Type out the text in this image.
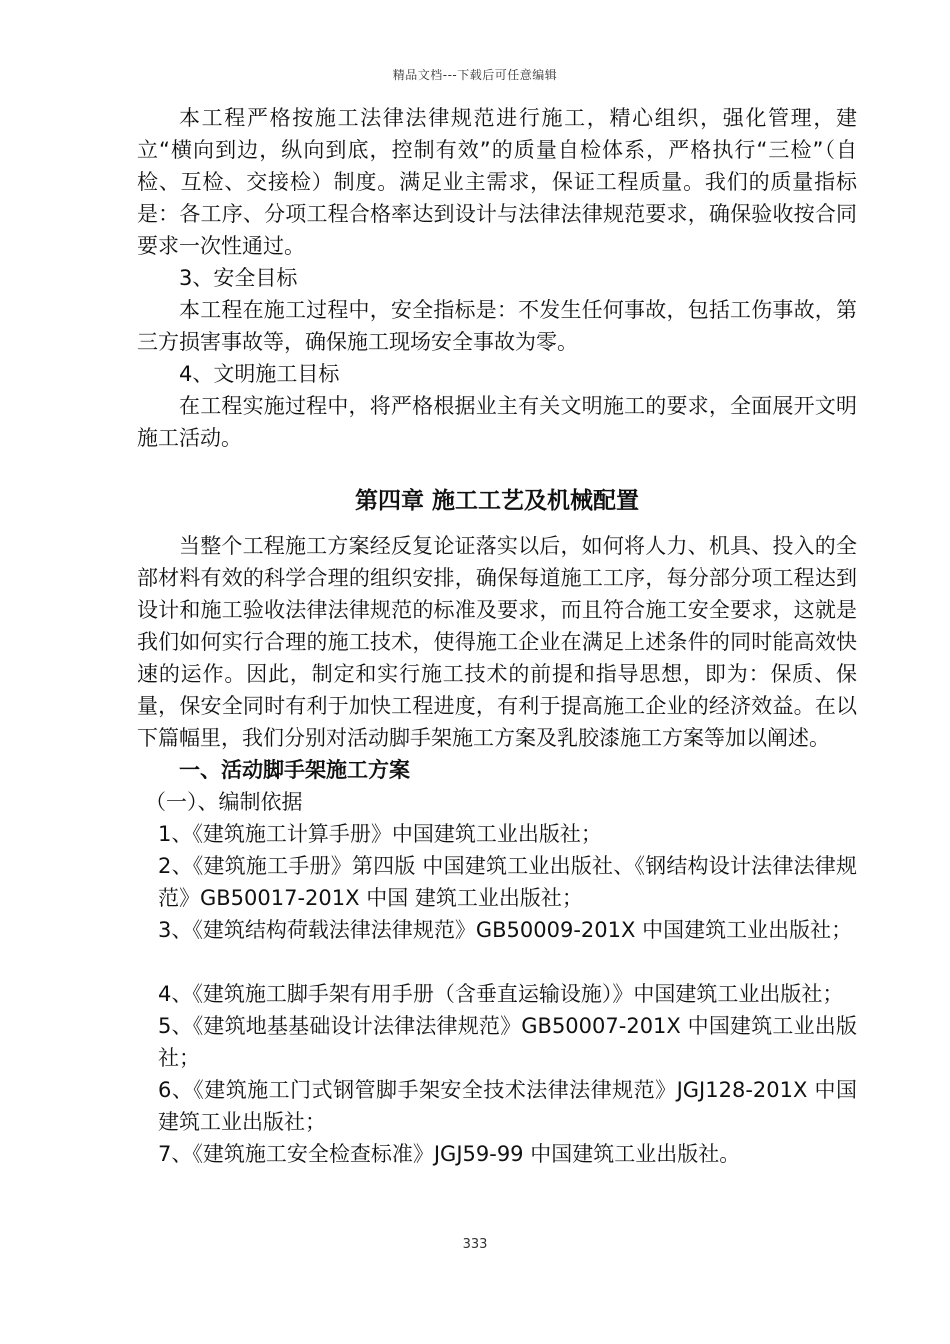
精品文档---下载后可任意编辑

本工程严格按施工法律法律规范进行施工，精心组织，强化管理，建立“横向到边，纵向到底，控制有效”的质量自检体系，严格执行“三检”（自检、互检、交接检）制度。满足业主需求，保证工程质量。我们的质量指标是：各工序、分项工程合格率达到设计与法律法律规范要求，确保验收按合同要求一次性通过。

3、安全目标

本工程在施工过程中，安全指标是：不发生任何事故，包括工伤事故，第三方损害事故等，确保施工现场安全事故为零。

4、文明施工目标

在工程实施过程中，将严格根据业主有关文明施工的要求，全面展开文明施工活动。

第四章 施工工艺及机械配置

当整个工程施工方案经反复论证落实以后，如何将人力、机具、投入的全部材料有效的科学合理的组织安排，确保每道施工工序，每分部分项工程达到设计和施工验收法律法律规范的标准及要求，而且符合施工安全要求，这就是我们如何实行合理的施工技术，使得施工企业在满足上述条件的同时能高效快速的运作。因此，制定和实行施工技术的前提和指导思想，即为：保质、保量，保安全同时有利于加快工程进度，有利于提高施工企业的经济效益。在以下篇幅里，我们分别对活动脚手架施工方案及乳胶漆施工方案等加以阐述。

一、活动脚手架施工方案

（一）、编制依据

1、《建筑施工计算手册》中国建筑工业出版社；

2、《建筑施工手册》第四版 中国建筑工业出版社、《钢结构设计法律法律规范》GB50017-201X 中国 建筑工业出版社；

3、《建筑结构荷载法律法律规范》GB50009-201X 中国建筑工业出版社；

4、《建筑施工脚手架有用手册（含垂直运输设施）》中国建筑工业出版社；

5、《建筑地基基础设计法律法律规范》GB50007-201X 中国建筑工业出版社；

6、《建筑施工门式钢管脚手架安全技术法律法律规范》JGJ128-201X 中国建筑工业出版社；

7、《建筑施工安全检查标准》JGJ59-99 中国建筑工业出版社。

333
